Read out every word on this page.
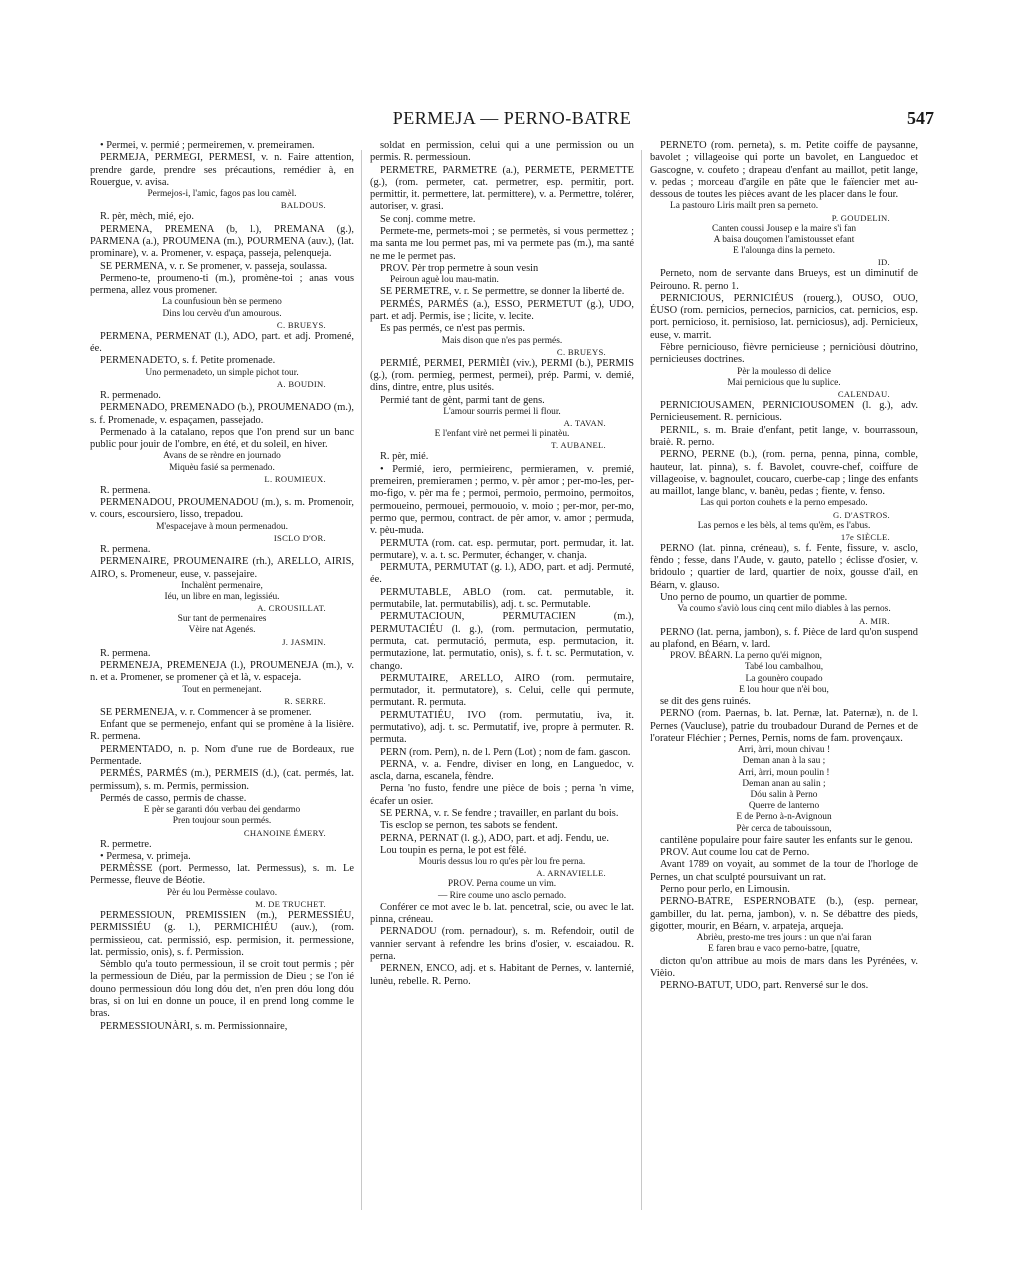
PERMEJA — PERNO-BATRE	547

• Permei, v. permié ; permeiremen, v. premeiramen.

PERMEJA, PERMEGI, PERMESI, v. n. Faire attention, prendre garde, prendre ses précautions, remédier à, en Rouergue, v. avisa.

Permejos-i, l'amic, fagos pas lou camèl.

BALDOUS.

R. pèr, mèch, mié, ejo.

PERMENA, PREMENA (b, l.), PREMANA (g.), PARMENA (a.), PROUMENA (m.), POURMENA (auv.), (lat. prominare), v. a. Promener, v. espaça, passeja, pelenqueja.

SE PERMENA, v. r. Se promener, v. passeja, soulassa.

Permeno-te, proumeno-ti (m.), promène-toi ; anas vous permena, allez vous promener.

La counfusioun bèn se permeno

Dins lou cervèu d'un amourous.

C. BRUEYS.

PERMENA, PERMENAT (l.), ADO, part. et adj. Promené, ée.

PERMENADETO, s. f. Petite promenade.

Uno permenadeto, un simple pichot tour.

A. BOUDIN.

R. permenado.

PERMENADO, PREMENADO (b.), PROUMENADO (m.), s. f. Promenade, v. espaçamen, passejado.

Permenado à la catalano, repos que l'on prend sur un banc public pour jouir de l'ombre, en été, et du soleil, en hiver.

Avans de se rèndre en journado

Miquèu fasié sa permenado.

L. ROUMIEUX.

R. permena.

PERMENADOU, PROUMENADOU (m.), s. m. Promenoir, v. cours, escoursiero, lisso, trepadou.

M'espacejave à moun permenadou.

ISCLO D'OR.

R. permena.

PERMENAIRE, PROUMENAIRE (rh.), ARELLO, AIRIS, AIRO, s. Promeneur, euse, v. passejaire.

Inchalènt permenaire,

Iéu, un libre en man, legissiéu.

A. CROUSILLAT.

Sur tant de permenaires

Vèire nat Agenés.

J. JASMIN.

R. permena.

PERMENEJA, PREMENEJA (l.), PROUMENEJA (m.), v. n. et a. Promener, se promener çà et là, v. espaceja.

Tout en permenejant.

R. SERRE.

SE PERMENEJA, v. r. Commencer à se promener.

Enfant que se permenejo, enfant qui se promène à la lisière. R. permena.

PERMENTADO, n. p. Nom d'une rue de Bordeaux, rue Permentade.

PERMÉS, PARMÉS (m.), PERMEIS (d.), (cat. permés, lat. permissum), s. m. Permis, permission.

Permés de casso, permis de chasse.

E pèr se garanti dóu verbau dei gendarmo

Pren toujour soun permés.

CHANOINE ÉMERY.

R. permetre.

• Permesa, v. primeja.

PERMÈSSE (port. Permesso, lat. Permessus), s. m. Le Permesse, fleuve de Béotie.

Pèr éu lou Permèsse coulavo.

M. DE TRUCHET.

PERMESSIOUN, PREMISSIEN (m.), PERMESSIÉU, PERMISSIÉU (g. l.), PERMICHIÉU (auv.), (rom. permissieou, cat. permissió, esp. permision, it. permessione, lat. permissio, onis), s. f. Permission.

Sèmblo qu'a touto permessioun, il se croit tout permis ; pèr la permessioun de Diéu, par la permission de Dieu ; se l'on ié douno permessioun dóu long dóu det, n'en pren dóu long dóu bras, si on lui en donne un pouce, il en prend long comme le bras.

PERMESSIOUNÀRI, s. m. Permissionnaire,

soldat en permission, celui qui a une permission ou un permis. R. permessioun.

PERMETRE, PARMETRE (a.), PERMETE, PERMETTE (g.), (rom. permeter, cat. permetrer, esp. permitir, port. permittir, it. permettere, lat. permittere), v. a. Permettre, tolérer, autoriser, v. grasi.

Se conj. comme metre.

Permete-me, permets-moi ; se permetès, si vous permettez ; ma santa me lou permet pas, mi va permete pas (m.), ma santé ne me le permet pas.

PROV. Pèr trop permetre à soun vesin

Peiroun aguè lou mau-matin.

SE PERMETRE, v. r. Se permettre, se donner la liberté de.

PERMÉS, PARMÉS (a.), ESSO, PERMETUT (g.), UDO, part. et adj. Permis, ise ; licite, v. lecite.

Es pas permés, ce n'est pas permis.

Mais dison que n'es pas permés.

C. BRUEYS.

PERMIÉ, PERMEI, PERMIÈI (viv.), PERMI (b.), PERMIS (g.), (rom. permieg, permest, permei), prép. Parmi, v. demié, dins, dintre, entre, plus usités.

Permié tant de gènt, parmi tant de gens.

L'amour sourris permei li flour.

A. TAVAN.

E l'enfant virè net permei li pinatèu.

T. AUBANEL.

R. pèr, mié.

• Permié, iero, permieirenc, permieramen, v. premié, premeiren, premieramen ; permo, v. pèr amor ; per-mo-les, per-mo-figo, v. pèr ma fe ; permoi, permoio, permoino, permoitos, permoueino, permouei, permouoio, v. moio ; per-mor, per-mo, permo que, permou, contract. de pèr amor, v. amor ; permuda, v. pèu-muda.

PERMUTA (rom. cat. esp. permutar, port. permudar, it. lat. permutare), v. a. t. sc. Permuter, échanger, v. chanja.

PERMUTA, PERMUTAT (g. l.), ADO, part. et adj. Permuté, ée.

PERMUTABLE, ABLO (rom. cat. permutable, it. permutabile, lat. permutabilis), adj. t. sc. Permutable.

PERMUTACIOUN, PERMUTACIEN (m.), PERMUTACIÉU (l. g.), (rom. permutacion, permutatio, permuta, cat. permutació, permuta, esp. permutacion, it. permutazione, lat. permutatio, onis), s. f. t. sc. Permutation, v. chango.

PERMUTAIRE, ARELLO, AIRO (rom. permutaire, permutador, it. permutatore), s. Celui, celle qui permute, permutant. R. permuta.

PERMUTATIÉU, IVO (rom. permutatiu, iva, it. permutativo), adj. t. sc. Permutatif, ive, propre à permuter. R. permuta.

PERN (rom. Pern), n. de l. Pern (Lot) ; nom de fam. gascon.

PERNA, v. a. Fendre, diviser en long, en Languedoc, v. ascla, darna, escanela, fèndre.

Perna 'no fusto, fendre une pièce de bois ; perna 'n vime, écafer un osier.

SE PERNA, v. r. Se fendre ; travailler, en parlant du bois.

Tis esclop se pernon, tes sabots se fendent.

PERNA, PERNAT (l. g.), ADO, part. et adj. Fendu, ue.

Lou toupin es perna, le pot est fêlé.

Mouris dessus lou ro qu'es pèr lou fre perna.

A. ARNAVIELLE.

PROV. Perna coume un vim.

— Rire coume uno asclo pernado.

Conférer ce mot avec le b. lat. pencetral, scie, ou avec le lat. pinna, créneau.

PERNADOU (rom. pernadour), s. m. Refendoir, outil de vannier servant à refendre les brins d'osier, v. escaiadou. R. perna.

PERNEN, ENCO, adj. et s. Habitant de Pernes, v. lanternié, lunèu, rebelle. R. Perno.

PERNETO (rom. perneta), s. m. Petite coiffe de paysanne, bavolet ; villageoise qui porte un bavolet, en Languedoc et Gascogne, v. coufeto ; drapeau d'enfant au maillot, petit lange, v. pedas ; morceau d'argile en pâte que le faïencier met au-dessous de toutes les pièces avant de les placer dans le four.

La pastouro Liris mailt pren sa perneto.

P. GOUDELIN.

Canten coussi Jousep e la maire s'i fan

A baisa douçomen l'amistousset efant

E l'alounga dins la perneto.

ID.

Perneto, nom de servante dans Brueys, est un diminutif de Peirouno. R. perno 1.

PERNICIOUS, PERNICIÉUS (rouerg.), OUSO, OUO, ÉUSO (rom. pernicios, pernecios, parnicios, cat. pernicios, esp. port. pernicioso, it. pernisioso, lat. perniciosus), adj. Pernicieux, euse, v. marrit.

Fèbre perniciouso, fièvre pernicieuse ; perniciòusi dòutrino, pernicieuses doctrines.

Pèr la moulesso di delice

Mai pernicious que lu suplice.

CALENDAU.

PERNICIOUSAMEN, PERNICIOUSOMEN (l. g.), adv. Pernicieusement. R. pernicious.

PERNIL, s. m. Braie d'enfant, petit lange, v. bourrassoun, braiè. R. perno.

PERNO, PERNE (b.), (rom. perna, penna, pinna, comble, hauteur, lat. pinna), s. f. Bavolet, couvre-chef, coiffure de villageoise, v. bagnoulet, coucaro, cuerbe-cap ; linge des enfants au maillot, lange blanc, v. banèu, pedas ; fiente, v. fenso.

Las qui porton couhets e la perno empesado.

G. D'ASTROS.

Las pernos e les bèls, al tems qu'èm, es l'abus.

17e SIÈCLE.

PERNO (lat. pinna, créneau), s. f. Fente, fissure, v. asclo, fèndo ; fesse, dans l'Aude, v. gauto, patello ; éclisse d'osier, v. bridoulo ; quartier de lard, quartier de noix, gousse d'ail, en Béarn, v. glauso.

Uno perno de poumo, un quartier de pomme.

Va coumo s'aviò lous cinq cent milo diables à las pernos.

A. MIR.

PERNO (lat. perna, jambon), s. f. Pièce de lard qu'on suspend au plafond, en Béarn, v. lard.

PROV. BÉARN. La perno qu'éi mignon,

Tabé lou cambalhou,

La gounèro coupado

E lou hour que n'èi bou,

se dit des gens ruinés.

PERNO (rom. Paernas, b. lat. Pernæ, lat. Paternæ), n. de l. Pernes (Vaucluse), patrie du troubadour Durand de Pernes et de l'orateur Fléchier ; Pernes, Pernis, noms de fam. provençaux.

Arri, àrri, moun chivau !

Deman anan à la sau ;

Arri, àrri, moun poulin !

Deman anan au salin ;

Dóu salin à Perno

Querre de lanterno

E de Perno à-n-Avignoun

Pèr cerca de tabouissoun,

cantilène populaire pour faire sauter les enfants sur le genou.

PROV. Aut coume lou cat de Perno.

Avant 1789 on voyait, au sommet de la tour de l'horloge de Pernes, un chat sculpté poursuivant un rat.

Perno pour perlo, en Limousin.

PERNO-BATRE, ESPERNOBATE (b.), (esp. pernear, gambiller, du lat. perna, jambon), v. n. Se débattre des pieds, gigotter, mourir, en Béarn, v. arpateja, arqueja.

Abrièu, presto-me tres jours : un que n'ai faran

E faren brau e vaco perno-batre, [quatre,

dicton qu'on attribue au mois de mars dans les Pyrénées, v. Vièio.

PERNO-BATUT, UDO, part. Renversé sur le dos.
